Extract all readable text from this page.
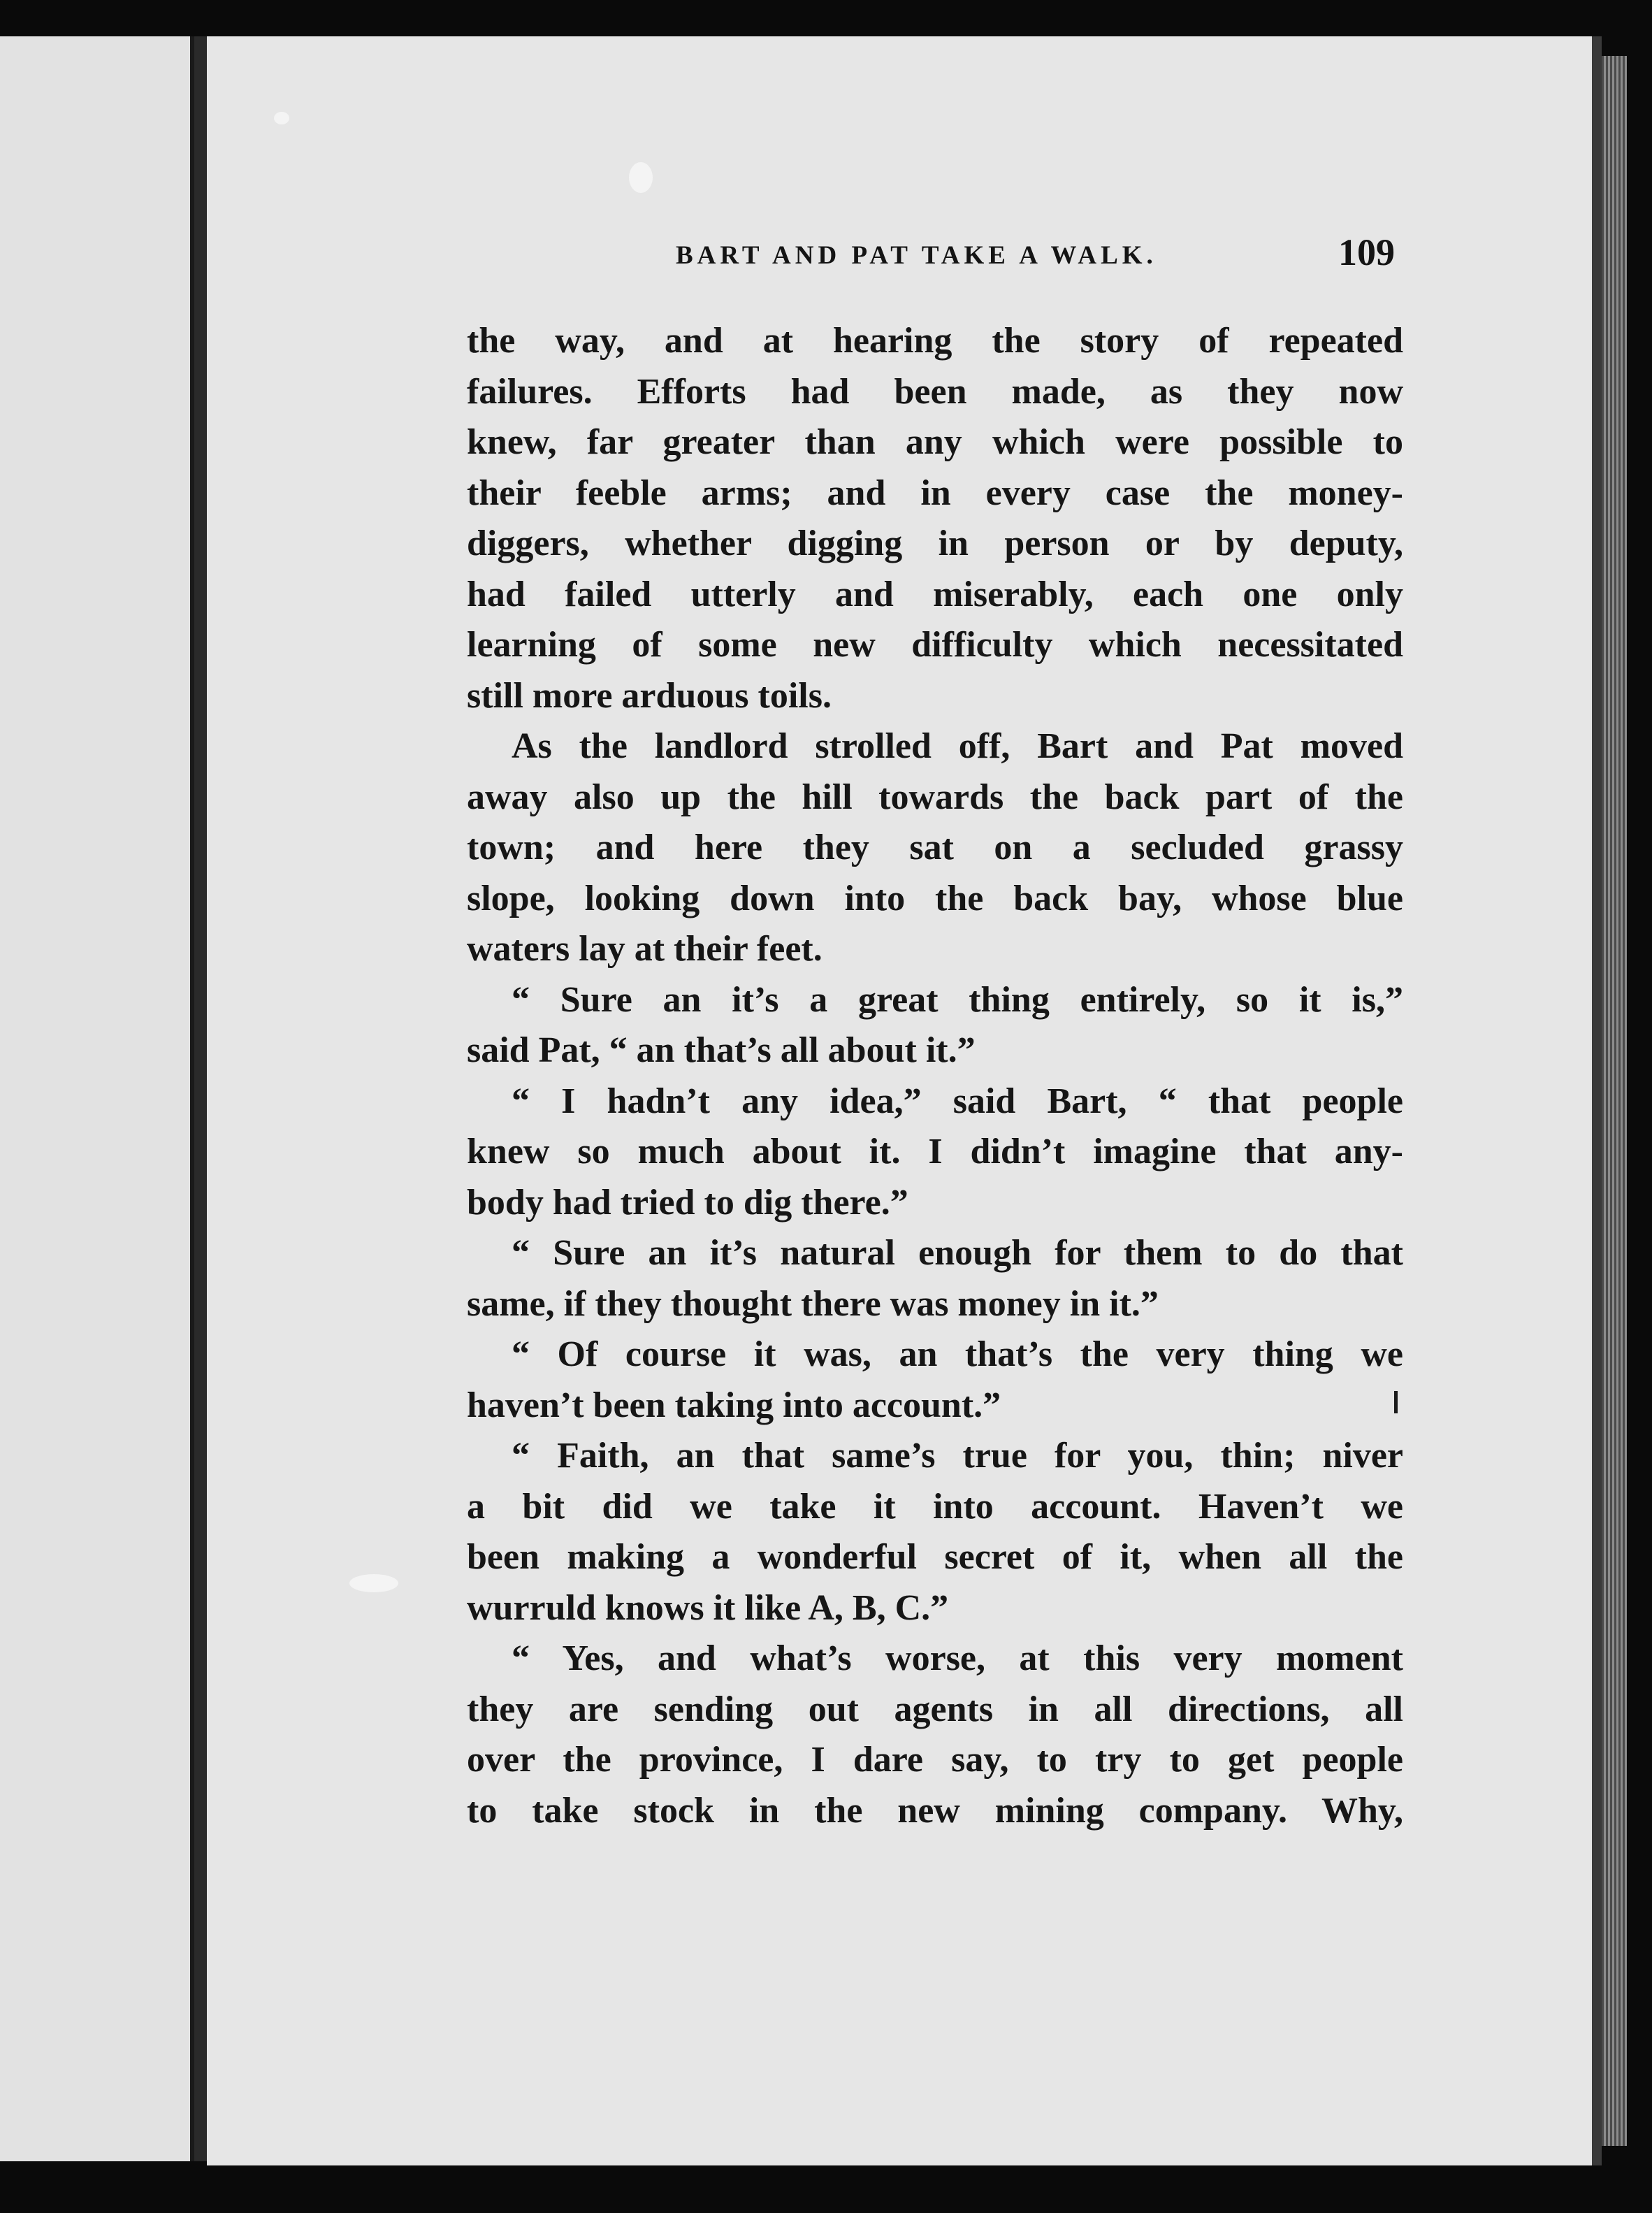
BART AND PAT TAKE A WALK.	109
the way, and at hearing the story of repeated
failures. Efforts had been made, as they now
knew, far greater than any which were possible to
their feeble arms; and in every case the money-
diggers, whether digging in person or by deputy,
had failed utterly and miserably, each one only
learning of some new difficulty which necessitated
still more arduous toils.
As the landlord strolled off, Bart and Pat moved
away also up the hill towards the back part of the
town; and here they sat on a secluded grassy
slope, looking down into the back bay, whose blue
waters lay at their feet.
“ Sure an it’s a great thing entirely, so it is,”
said Pat, “ an that’s all about it.”
“ I hadn’t any idea,” said Bart, “ that people
knew so much about it. I didn’t imagine that any-
body had tried to dig there.”
“ Sure an it’s natural enough for them to do that
same, if they thought there was money in it.”
“ Of course it was, an that’s the very thing we
haven’t been taking into account.”
“ Faith, an that same’s true for you, thin; niver
a bit did we take it into account. Haven’t we
been making a wonderful secret of it, when all the
wurruld knows it like A, B, C.”
“ Yes, and what’s worse, at this very moment
they are sending out agents in all directions, all
over the province, I dare say, to try to get people
to take stock in the new mining company. Why,
